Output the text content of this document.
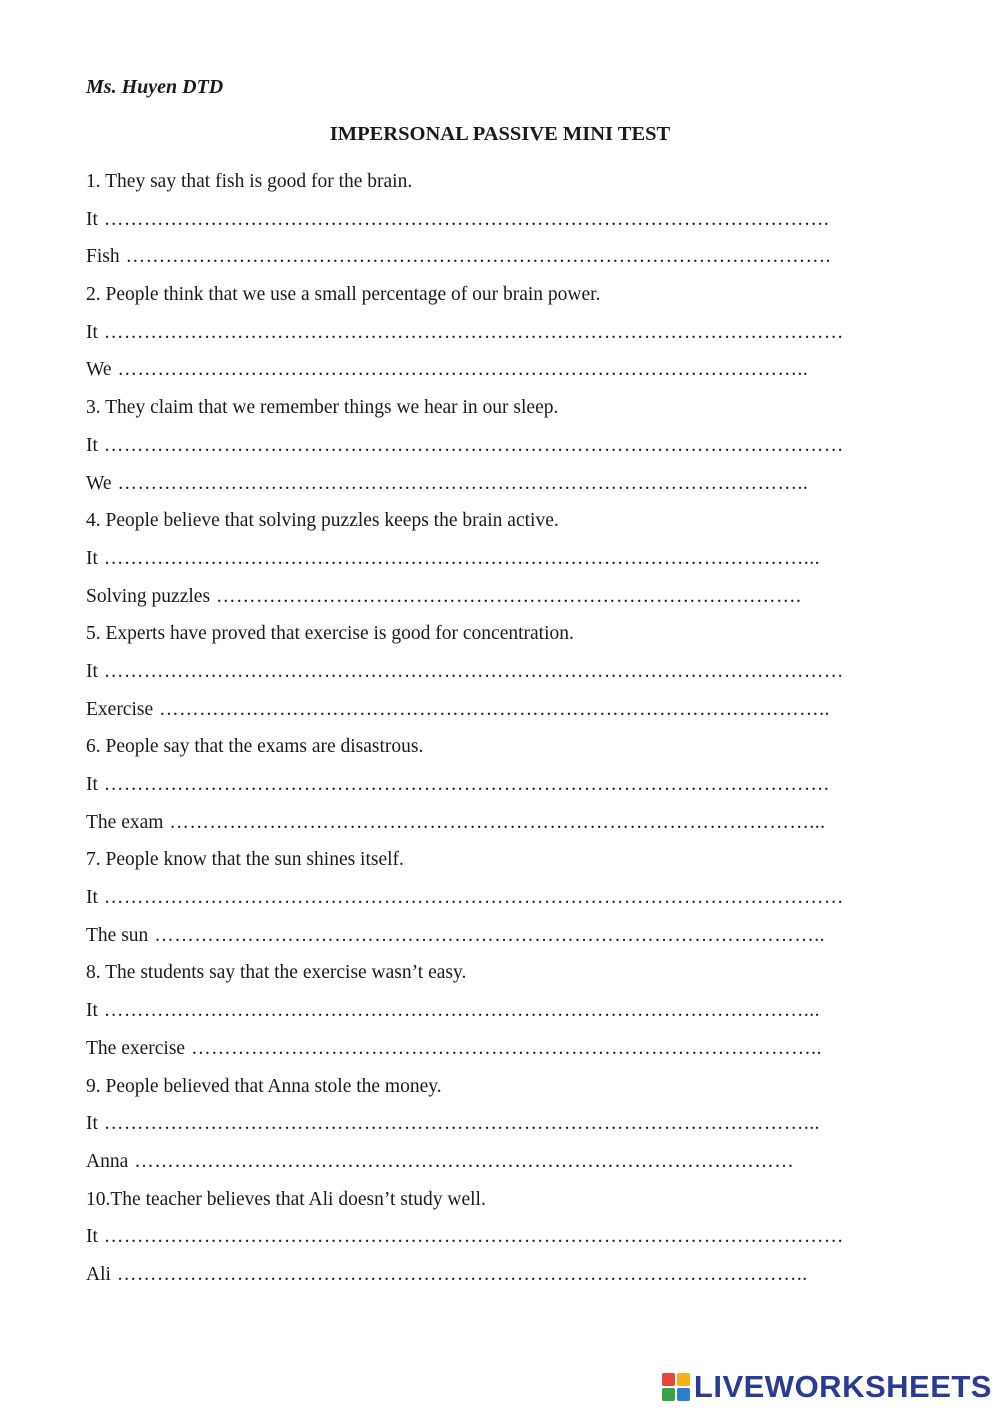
Ms. Huyen DTD
IMPERSONAL PASSIVE MINI TEST
1. They say that fish is good for the brain.
It ……………………………………………………………………………………………….
Fish …………………………………………………………………………………………….
2. People think that we use a small percentage of our brain power.
It …………………………………………………………………………………………………
We …………………………………………………………………………………………..
3. They claim that we remember things we hear in our sleep.
It …………………………………………………………………………………………………
We …………………………………………………………………………………………..
4. People believe that solving puzzles keeps the brain active.
It ……………………………………………………………………………………………...
Solving puzzles …………………………………………………………………………….
5. Experts have proved that exercise is good for concentration.
It …………………………………………………………………………………………………
Exercise ………………………………………………………………………………………..
6. People say that the exams are disastrous.
It ……………………………………………………………………………………………….
The exam ……………………………………………………………………………………...
7. People know that the sun shines itself.
It …………………………………………………………………………………………………
The sun ………………………………………………………………………………………..
8. The students say that the exercise wasn’t easy.
It ……………………………………………………………………………………………...
The exercise …………………………………………………………………………………..
9. People believed that Anna stole the money.
It ……………………………………………………………………………………………...
Anna ………………………………………………………………………………………
10.The teacher believes that Ali doesn’t study well.
It …………………………………………………………………………………………………
Ali …………………………………………………………………………………………..
LIVEWORKSHEETS
